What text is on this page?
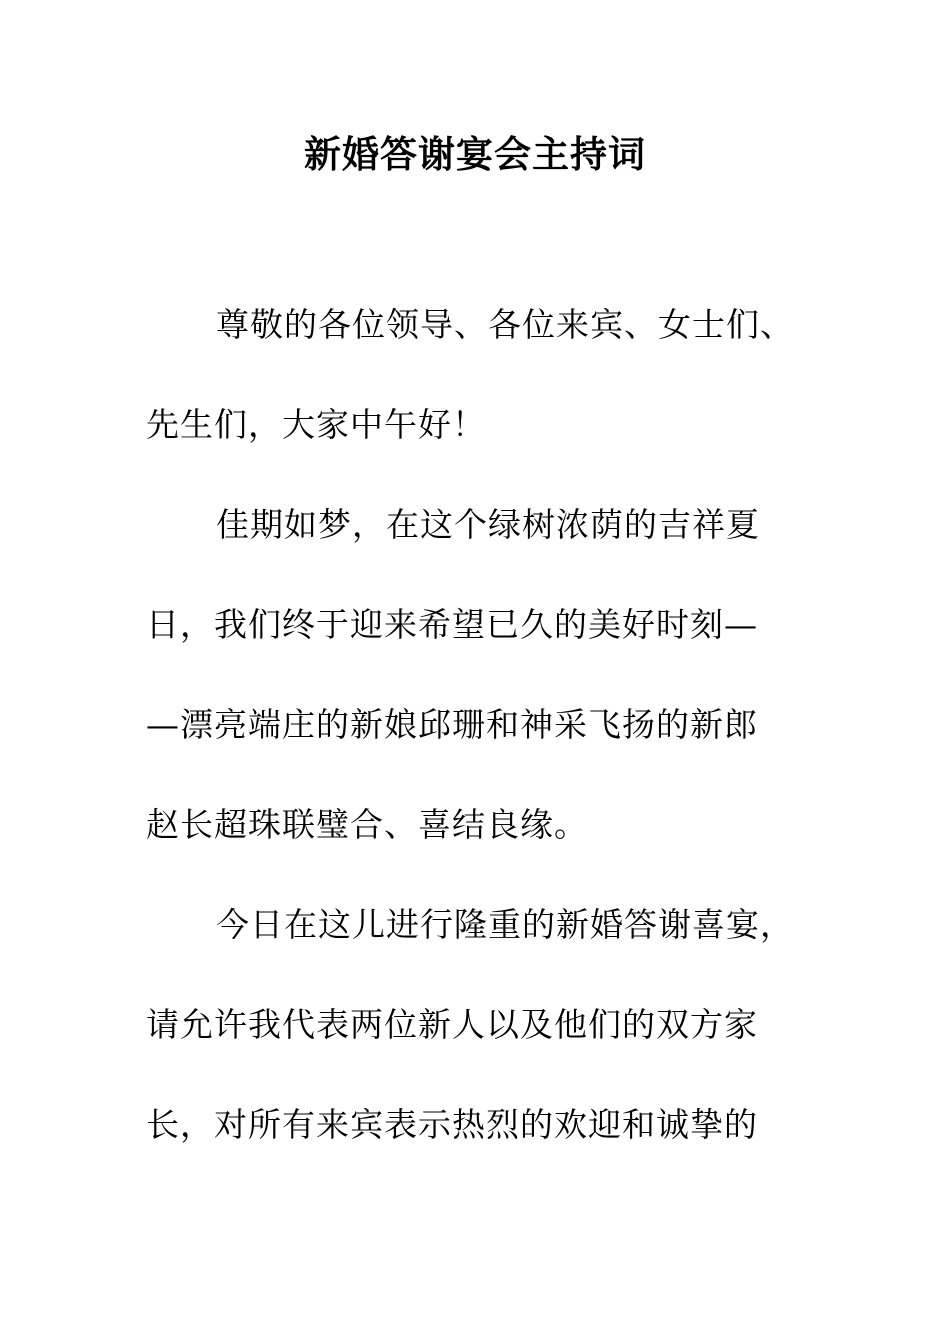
新婚答谢宴会主持词
尊敬的各位领导、各位来宾、女士们、
先生们，大家中午好！
佳期如梦，在这个绿树浓荫的吉祥夏
日，我们终于迎来希望已久的美好时刻—
—漂亮端庄的新娘邱珊和神采飞扬的新郎
赵长超珠联璧合、喜结良缘。
今日在这儿进行隆重的新婚答谢喜宴，
请允许我代表两位新人以及他们的双方家
长，对所有来宾表示热烈的欢迎和诚挚的
